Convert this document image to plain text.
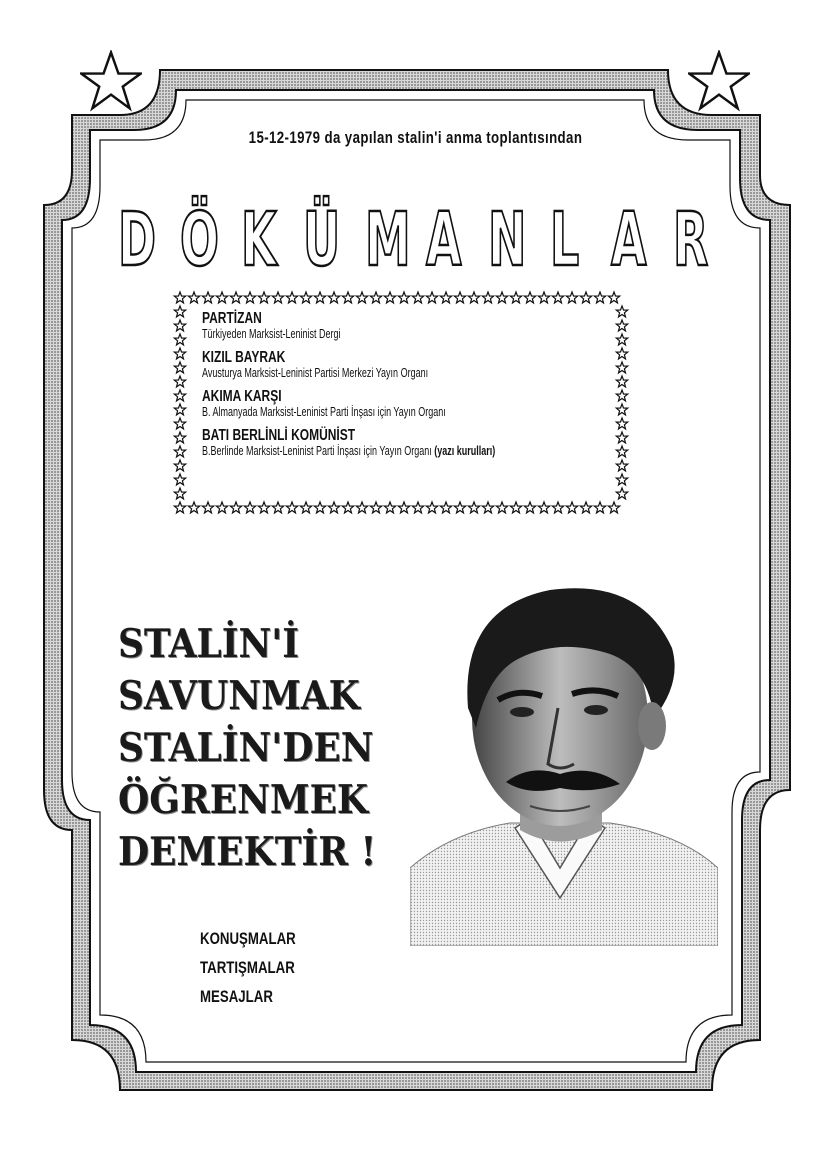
15-12-1979 da yapılan stalin'i anma toplantısından
D Ö K Ü M A N L A R
PARTİZAN
Türkiyeden Marksist-Leninist Dergi
KIZIL BAYRAK
Avusturya Marksist-Leninist Partisi Merkezi Yayın Organı
AKIMA KARŞI
B. Almanyada Marksist-Leninist Parti İnşası için Yayın Organı
BATI BERLİNLİ KOMÜNİST
B.Berlinde Marksist-Leninist Parti İnşası için Yayın Organı (yazı kurulları)
STALİN'İ
SAVUNMAK
STALİN'DEN
ÖĞRENMEK
DEMEKTİR !
KONUŞMALAR
TARTIŞMALAR
MESAJLAR
